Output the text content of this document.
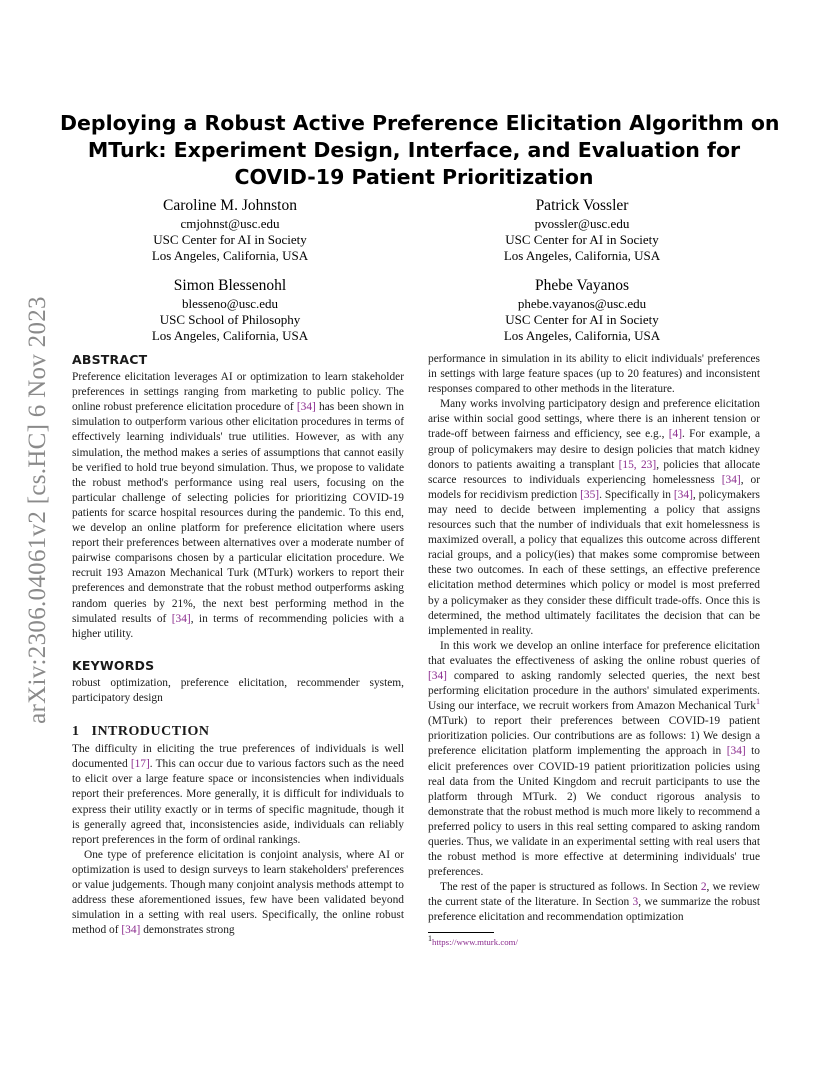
arXiv:2306.04061v2 [cs.HC] 6 Nov 2023
Deploying a Robust Active Preference Elicitation Algorithm on
MTurk: Experiment Design, Interface, and Evaluation for
COVID-19 Patient Prioritization
Caroline M. Johnston
cmjohnst@usc.edu
USC Center for AI in Society
Los Angeles, California, USA
Patrick Vossler
pvossler@usc.edu
USC Center for AI in Society
Los Angeles, California, USA
Simon Blessenohl
blesseno@usc.edu
USC School of Philosophy
Los Angeles, California, USA
Phebe Vayanos
phebe.vayanos@usc.edu
USC Center for AI in Society
Los Angeles, California, USA
ABSTRACT

Preference elicitation leverages AI or optimization to learn stakeholder preferences in settings ranging from marketing to public policy. The online robust preference elicitation procedure of [34] has been shown in simulation to outperform various other elicitation procedures in terms of effectively learning individuals' true utilities. However, as with any simulation, the method makes a series of assumptions that cannot easily be verified to hold true beyond simulation. Thus, we propose to validate the robust method's performance using real users, focusing on the particular challenge of selecting policies for prioritizing COVID-19 patients for scarce hospital resources during the pandemic. To this end, we develop an online platform for preference elicitation where users report their preferences between alternatives over a moderate number of pairwise comparisons chosen by a particular elicitation procedure. We recruit 193 Amazon Mechanical Turk (MTurk) workers to report their preferences and demonstrate that the robust method outperforms asking random queries by 21%, the next best performing method in the simulated results of [34], in terms of recommending policies with a higher utility.

KEYWORDS

robust optimization, preference elicitation, recommender system, participatory design

1 INTRODUCTION

The difficulty in eliciting the true preferences of individuals is well documented [17]. This can occur due to various factors such as the need to elicit over a large feature space or inconsistencies when individuals report their preferences. More generally, it is difficult for individuals to express their utility exactly or in terms of specific magnitude, though it is generally agreed that, inconsistencies aside, individuals can reliably report preferences in the form of ordinal rankings.

One type of preference elicitation is conjoint analysis, where AI or optimization is used to design surveys to learn stakeholders' preferences or value judgements. Though many conjoint analysis methods attempt to address these aforementioned issues, few have been validated beyond simulation in a setting with real users. Specifically, the online robust method of [34] demonstrates strong

performance in simulation in its ability to elicit individuals' preferences in settings with large feature spaces (up to 20 features) and inconsistent responses compared to other methods in the literature.

Many works involving participatory design and preference elicitation arise within social good settings, where there is an inherent tension or trade-off between fairness and efficiency, see e.g., [4]. For example, a group of policymakers may desire to design policies that match kidney donors to patients awaiting a transplant [15, 23], policies that allocate scarce resources to individuals experiencing homelessness [34], or models for recidivism prediction [35]. Specifically in [34], policymakers may need to decide between implementing a policy that assigns resources such that the number of individuals that exit homelessness is maximized overall, a policy that equalizes this outcome across different racial groups, and a policy(ies) that makes some compromise between these two outcomes. In each of these settings, an effective preference elicitation method determines which policy or model is most preferred by a policymaker as they consider these difficult trade-offs. Once this is determined, the method ultimately facilitates the decision that can be implemented in reality.

In this work we develop an online interface for preference elicitation that evaluates the effectiveness of asking the online robust queries of [34] compared to asking randomly selected queries, the next best performing elicitation procedure in the authors' simulated experiments. Using our interface, we recruit workers from Amazon Mechanical Turk$^1$ (MTurk) to report their preferences between COVID-19 patient prioritization policies. Our contributions are as follows: 1) We design a preference elicitation platform implementing the approach in [34] to elicit preferences over COVID-19 patient prioritization policies using real data from the United Kingdom and recruit participants to use the platform through MTurk. 2) We conduct rigorous analysis to demonstrate that the robust method is much more likely to recommend a preferred policy to users in this real setting compared to asking random queries. Thus, we validate in an experimental setting with real users that the robust method is more effective at determining individuals' true preferences.

The rest of the paper is structured as follows. In Section 2, we review the current state of the literature. In Section 3, we summarize the robust preference elicitation and recommendation optimization

$^1$https://www.mturk.com/
